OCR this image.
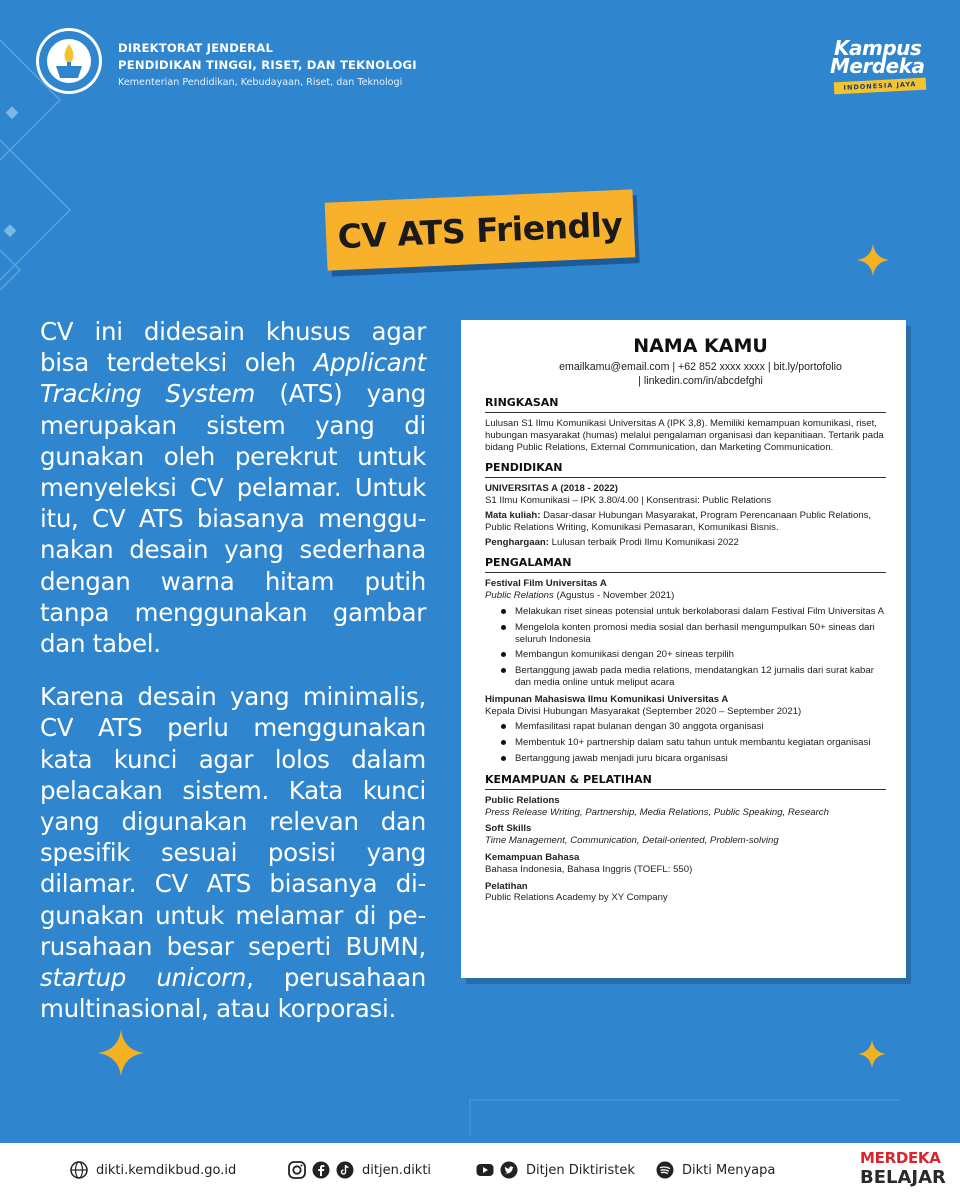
DIREKTORAT JENDERAL
PENDIDIKAN TINGGI, RISET, DAN TEKNOLOGI
Kementerian Pendidikan, Kebudayaan, Riset, dan Teknologi
Kampus
Merdeka
INDONESIA JAYA
CV ATS Friendly

CV ini didesain khusus agar bisa terdeteksi oleh Applicant Tracking System (ATS) yang merupakan sistem yang di gunakan oleh perekrut untuk menyeleksi CV pelamar. Untuk itu, CV ATS biasanya menggu-nakan desain yang sederhana dengan warna hitam putih tanpa menggunakan gambar dan tabel.

Karena desain yang minimalis, CV ATS perlu menggunakan kata kunci agar lolos dalam pelacakan sistem. Kata kunci yang digunakan relevan dan spesifik sesuai posisi yang dilamar. CV ATS biasanya di-gunakan untuk melamar di pe-rusahaan besar seperti BUMN, startup unicorn, perusahaan multinasional, atau korporasi.

NAMA KAMU
emailkamu@email.com | +62 852 xxxx xxxx | bit.ly/portofolio
| linkedin.com/in/abcdefghi
RINGKASAN
Lulusan S1 Ilmu Komunikasi Universitas A (IPK 3,8). Memiliki kemampuan komunikasi, riset, hubungan masyarakat (humas) melalui pengalaman organisasi dan kepanitiaan. Tertarik pada bidang Public Relations, External Communication, dan Marketing Communication.
PENDIDIKAN
UNIVERSITAS A (2018 - 2022)
S1 Ilmu Komunikasi – IPK 3.80/4.00 | Konsentrasi: Public Relations
Mata kuliah: Dasar-dasar Hubungan Masyarakat, Program Perencanaan Public Relations, Public Relations Writing, Komunikasi Pemasaran, Komunikasi Bisnis.
Penghargaan: Lulusan terbaik Prodi Ilmu Komunikasi 2022
PENGALAMAN
Festival Film Universitas A
Public Relations (Agustus - November 2021)
Melakukan riset sineas potensial untuk berkolaborasi dalam Festival Film Universitas A
Mengelola konten promosi media sosial dan berhasil mengumpulkan 50+ sineas dari seluruh Indonesia
Membangun komunikasi dengan 20+ sineas terpilih
Bertanggung jawab pada media relations, mendatangkan 12 jurnalis dari surat kabar dan media online untuk meliput acara
Himpunan Mahasiswa Ilmu Komunikasi Universitas A
Kepala Divisi Hubungan Masyarakat (September 2020 – September 2021)
Memfasilitasi rapat bulanan dengan 30 anggota organisasi
Membentuk 10+ partnership dalam satu tahun untuk membantu kegiatan organisasi
Bertanggung jawab menjadi juru bicara organisasi
KEMAMPUAN & PELATIHAN
Public Relations
Press Release Writing, Partnership, Media Relations, Public Speaking, Research
Soft Skills
Time Management, Communication, Detail-oriented, Problem-solving
Kemampuan Bahasa
Bahasa Indonesia, Bahasa Inggris (TOEFL: 550)
Pelatihan
Public Relations Academy by XY Company
dikti.kemdikbud.go.id	ditjen.dikti	Ditjen Diktiristek	Dikti Menyapa
MERDEKA
BELAJAR
